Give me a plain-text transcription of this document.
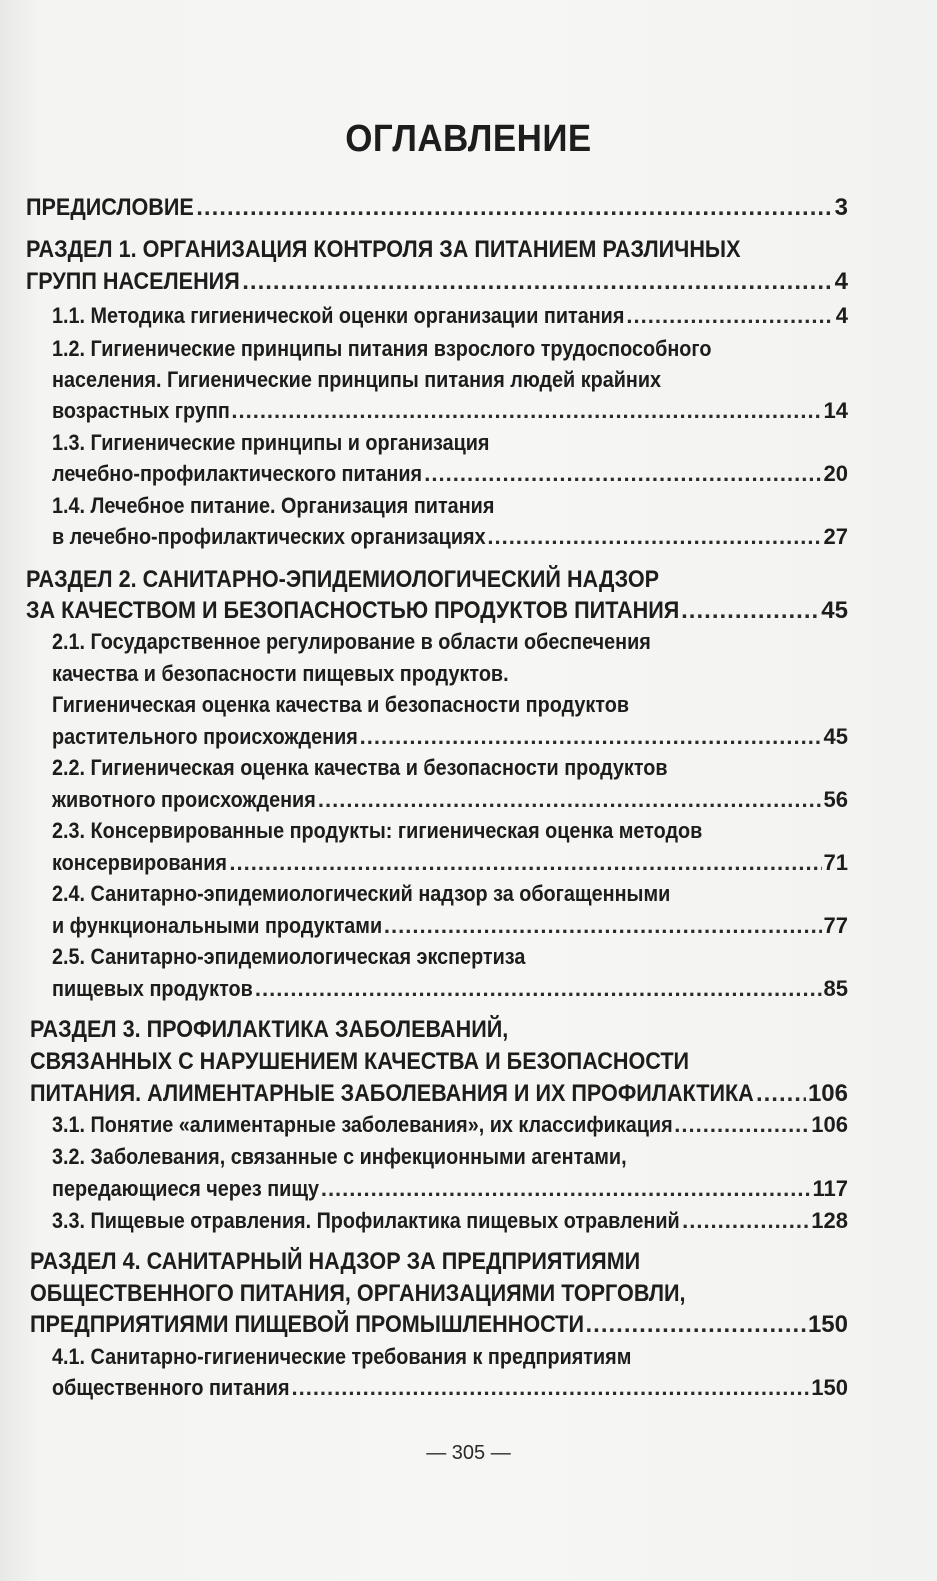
ОГЛАВЛЕНИЕ
ПРЕДИСЛОВИЕ .....	3
РАЗДЕЛ 1. ОРГАНИЗАЦИЯ КОНТРОЛЯ ЗА ПИТАНИЕМ РАЗЛИЧНЫХ
ГРУПП НАСЕЛЕНИЯ .....	4
1.1. Методика гигиенической оценки организации питания .....	4
1.2. Гигиенические принципы питания взрослого трудоспособного
населения. Гигиенические принципы питания людей крайних
возрастных групп .....	14
1.3. Гигиенические принципы и организация
лечебно-профилактического питания .....	20
1.4. Лечебное питание. Организация питания
в лечебно-профилактических организациях .....	27
РАЗДЕЛ 2. САНИТАРНО-ЭПИДЕМИОЛОГИЧЕСКИЙ НАДЗОР
ЗА КАЧЕСТВОМ И БЕЗОПАСНОСТЬЮ ПРОДУКТОВ ПИТАНИЯ .....	45
2.1. Государственное регулирование в области обеспечения
качества и безопасности пищевых продуктов.
Гигиеническая оценка качества и безопасности продуктов
растительного происхождения .....	45
2.2. Гигиеническая оценка качества и безопасности продуктов
животного происхождения .....	56
2.3. Консервированные продукты: гигиеническая оценка методов
консервирования .....	71
2.4. Санитарно-эпидемиологический надзор за обогащенными
и функциональными продуктами .....	77
2.5. Санитарно-эпидемиологическая экспертиза
пищевых продуктов .....	85
РАЗДЕЛ 3. ПРОФИЛАКТИКА ЗАБОЛЕВАНИЙ,
СВЯЗАННЫХ С НАРУШЕНИЕМ КАЧЕСТВА И БЕЗОПАСНОСТИ
ПИТАНИЯ. АЛИМЕНТАРНЫЕ ЗАБОЛЕВАНИЯ И ИХ ПРОФИЛАКТИКА ..... 106
3.1. Понятие «алиментарные заболевания», их классификация .....	106
3.2. Заболевания, связанные с инфекционными агентами,
передающиеся через пищу .....	117
3.3. Пищевые отравления. Профилактика пищевых отравлений .....	128
РАЗДЕЛ 4. САНИТАРНЫЙ НАДЗОР ЗА ПРЕДПРИЯТИЯМИ
ОБЩЕСТВЕННОГО ПИТАНИЯ, ОРГАНИЗАЦИЯМИ ТОРГОВЛИ,
ПРЕДПРИЯТИЯМИ ПИЩЕВОЙ ПРОМЫШЛЕННОСТИ .....	150
4.1. Санитарно-гигиенические требования к предприятиям
общественного питания .....	150
— 305 —
